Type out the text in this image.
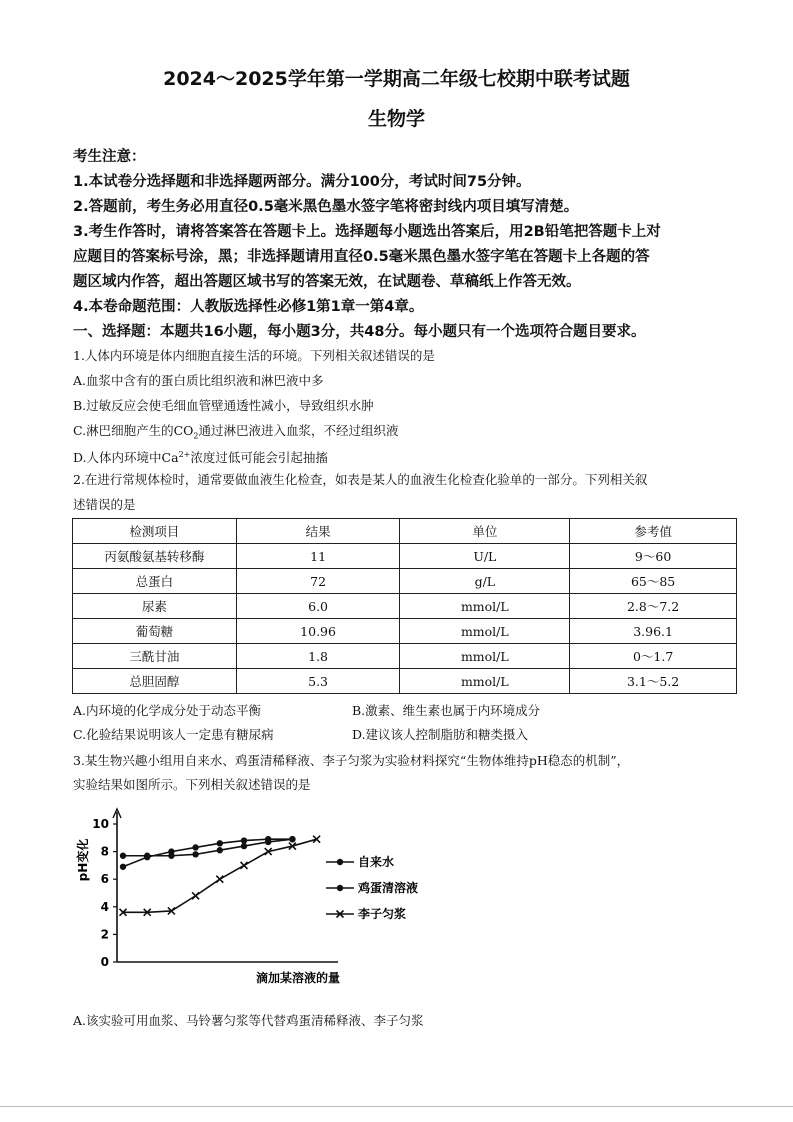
2024～2025学年第一学期高二年级七校期中联考试题
生物学
考生注意：
1.本试卷分选择题和非选择题两部分。满分100分，考试时间75分钟。
2.答题前，考生务必用直径0.5毫米黑色墨水签字笔将密封线内项目填写清楚。
3.考生作答时，请将答案答在答题卡上。选择题每小题选出答案后，用2B铅笔把答题卡上对
应题目的答案标号涂，黑；非选择题请用直径0.5毫米黑色墨水签字笔在答题卡上各题的答
题区域内作答，超出答题区域书写的答案无效，在试题卷、草稿纸上作答无效。
4.本卷命题范围：人教版选择性必修1第1章一第4章。
一、选择题：本题共16小题，每小题3分，共48分。每小题只有一个选项符合题目要求。
1.人体内环境是体内细胞直接生活的环境。下列相关叙述错误的是
A.血浆中含有的蛋白质比组织液和淋巴液中多
B.过敏反应会使毛细血管壁通透性减小，导致组织水肿
C.淋巴细胞产生的$CO_2$通过淋巴液进入血浆，不经过组织液
D.人体内环境中$Ca^{2+}$浓度过低可能会引起抽搐
2.在进行常规体检时，通常要做血液生化检查，如表是某人的血液生化检查化验单的一部分。下列相关叙
述错误的是
检测项目	结果	单位	参考值
丙氨酸氨基转移酶	11	U/L	9～60
总蛋白	72	g/L	65～85
尿素	6.0	mmol/L	2.8～7.2
葡萄糖	10.96	mmol/L	3.96.1
三酰甘油	1.8	mmol/L	0～1.7
总胆固醇	5.3	mmol/L	3.1～5.2
A.内环境的化学成分处于动态平衡	B.激素、维生素也属于内环境成分
C.化验结果说明该人一定患有糖尿病	D.建议该人控制脂肪和糖类摄入
3.某生物兴趣小组用自来水、鸡蛋清稀释液、李子匀浆为实验材料探究“生物体维持pH稳态的机制”，
实验结果如图所示。下列相关叙述错误的是
0
2
4
6
8
10
pH变化
滴加某溶液的量
自来水
鸡蛋清溶液
李子匀浆
A.该实验可用血浆、马铃薯匀浆等代替鸡蛋清稀释液、李子匀浆
